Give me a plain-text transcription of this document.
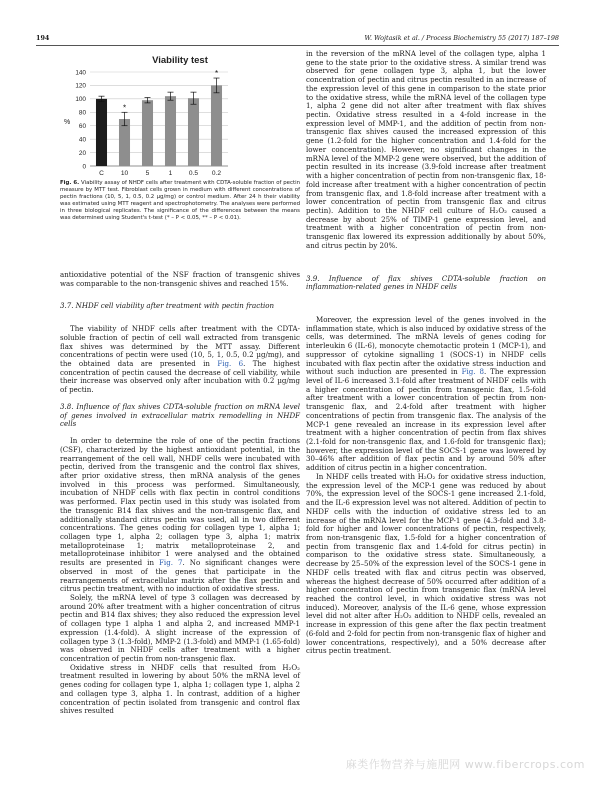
194	W. Wojtasik et al. / Process Biochemistry 55 (2017) 187–198
Viability test
%
0
20
40
60
80
100
120
140
C	10
*
5	1	0.5 0.2
*
Fig. 6. Viability assay of NHDF cells after treatment with CDTA-soluble fraction of pectin measure by MTT test. Fibroblast cells grown in medium with different concentrations of pectin fractions (10, 5, 1, 0.5, 0.2 µg/mg) or control medium. After 24 h their viability was estimated using MTT reagent and spectrophotometry. The analyses were performed in three biological replicates. The significance of the differences between the means was determined using Student's t-test (* – P < 0.05, ** – P < 0.01).

antioxidative potential of the NSF fraction of transgenic shives was comparable to the non-transgenic shives and reached 15%.

3.7. NHDF cell viability after treatment with pectin fraction

The viability of NHDF cells after treatment with the CDTA-soluble fraction of pectin of cell wall extracted from transgenic flax shives was determined by the MTT assay. Different concentrations of pectin were used (10, 5, 1, 0.5, 0.2 µg/mg), and the obtained data are presented in Fig. 6. The highest concentration of pectin caused the decrease of cell viability, while their increase was observed only after incubation with 0.2 µg/mg of pectin.

3.8. Influence of flax shives CDTA-soluble fraction on mRNA level of genes involved in extracellular matrix remodelling in NHDF cells

In order to determine the role of one of the pectin fractions (CSF), characterized by the highest antioxidant potential, in the rearrangement of the cell wall, NHDF cells were incubated with pectin, derived from the transgenic and the control flax shives, after prior oxidative stress, then mRNA analysis of the genes involved in this process was performed. Simultaneously, incubation of NHDF cells with flax pectin in control conditions was performed. Flax pectin used in this study was isolated from the transgenic B14 flax shives and the non-transgenic flax, and additionally standard citrus pectin was used, all in two different concentrations. The genes coding for collagen type 1, alpha 1; collagen type 1, alpha 2; collagen type 3, alpha 1; matrix metalloproteinase 1; matrix metalloproteinase 2, and metalloproteinase inhibitor 1 were analysed and the obtained results are presented in Fig. 7. No significant changes were observed in most of the genes that participate in the rearrangements of extracellular matrix after the flax pectin and citrus pectin treatment, with no induction of oxidative stress.

Solely, the mRNA level of type 3 collagen was decreased by around 20% after treatment with a higher concentration of citrus pectin and B14 flax shives; they also reduced the expression level of collagen type 1 alpha 1 and alpha 2, and increased MMP-1 expression (1.4-fold). A slight increase of the expression of collagen type 3 (1.3-fold), MMP-2 (1.3-fold) and MMP-1 (1.65-fold) was observed in NHDF cells after treatment with a higher concentration of pectin from non-transgenic flax.

Oxidative stress in NHDF cells that resulted from H₂O₂ treatment resulted in lowering by about 50% the mRNA level of genes coding for collagen type 1, alpha 1; collagen type 1, alpha 2 and collagen type 3, alpha 1. In contrast, addition of a higher concentration of pectin isolated from transgenic and control flax shives resulted

in the reversion of the mRNA level of the collagen type, alpha 1 gene to the state prior to the oxidative stress. A similar trend was observed for gene collagen type 3, alpha 1, but the lower concentration of pectin and citrus pectin resulted in an increase of the expression level of this gene in comparison to the state prior to the oxidative stress, while the mRNA level of the collagen type 1, alpha 2 gene did not alter after treatment with flax shives pectin. Oxidative stress resulted in a 4-fold increase in the expression level of MMP-1, and the addition of pectin from non-transgenic flax shives caused the increased expression of this gene (1.2-fold for the higher concentration and 1.4-fold for the lower concentration). However, no significant changes in the mRNA level of the MMP-2 gene were observed, but the addition of pectin resulted in its increase (3.9-fold increase after treatment with a higher concentration of pectin from non-transgenic flax, 18-fold increase after treatment with a higher concentration of pectin from transgenic flax, and 1.8-fold increase after treatment with a lower concentration of pectin from transgenic flax and citrus pectin). Addition to the NHDF cell culture of H₂O₂ caused a decrease by about 25% of TIMP-1 gene expression level, and treatment with a higher concentration of pectin from non-transgenic flax lowered its expression additionally by about 50%, and citrus pectin by 20%.

3.9. Influence of flax shives CDTA-soluble fraction on inflammation-related genes in NHDF cells

Moreover, the expression level of the genes involved in the inflammation state, which is also induced by oxidative stress of the cells, was determined. The mRNA levels of genes coding for interleukin 6 (IL-6), monocyte chemotactic protein 1 (MCP-1), and suppressor of cytokine signalling 1 (SOCS-1) in NHDF cells incubated with flax pectin after the oxidative stress induction and without such induction are presented in Fig. 8. The expression level of IL-6 increased 3.1-fold after treatment of NHDF cells with a higher concentration of pectin from transgenic flax, 1.5-fold after treatment with a lower concentration of pectin from non-transgenic flax, and 2.4-fold after treatment with higher concentrations of pectin from transgenic flax. The analysis of the MCP-1 gene revealed an increase in its expression level after treatment with a higher concentration of pectin from flax shives (2.1-fold for non-transgenic flax, and 1.6-fold for transgenic flax); however, the expression level of the SOCS-1 gene was lowered by 30–46% after addition of flax pectin and by around 50% after addition of citrus pectin in a higher concentration.

In NHDF cells treated with H₂O₂ for oxidative stress induction, the expression level of the MCP-1 gene was reduced by about 70%, the expression level of the SOCS-1 gene increased 2.1-fold, and the IL-6 expression level was not altered. Addition of pectin to NHDF cells with the induction of oxidative stress led to an increase of the mRNA level for the MCP-1 gene (4.3-fold and 3.8-fold for higher and lower concentrations of pectin, respectively, from non-transgenic flax, 1.5-fold for a higher concentration of pectin from transgenic flax and 1.4-fold for citrus pectin) in comparison to the oxidative stress state. Simultaneously, a decrease by 25–50% of the expression level of the SOCS-1 gene in NHDF cells treated with flax and citrus pectin was observed, whereas the highest decrease of 50% occurred after addition of a higher concentration of pectin from transgenic flax (mRNA level reached the control level, in which oxidative stress was not induced). Moreover, analysis of the IL-6 gene, whose expression level did not alter after H₂O₂ addition to NHDF cells, revealed an increase in expression of this gene after the flax pectin treatment (6-fold and 2-fold for pectin from non-transgenic flax of higher and lower concentrations, respectively), and a 50% decrease after citrus pectin treatment.

麻类作物营养与施肥网 www.fibercrops.com
